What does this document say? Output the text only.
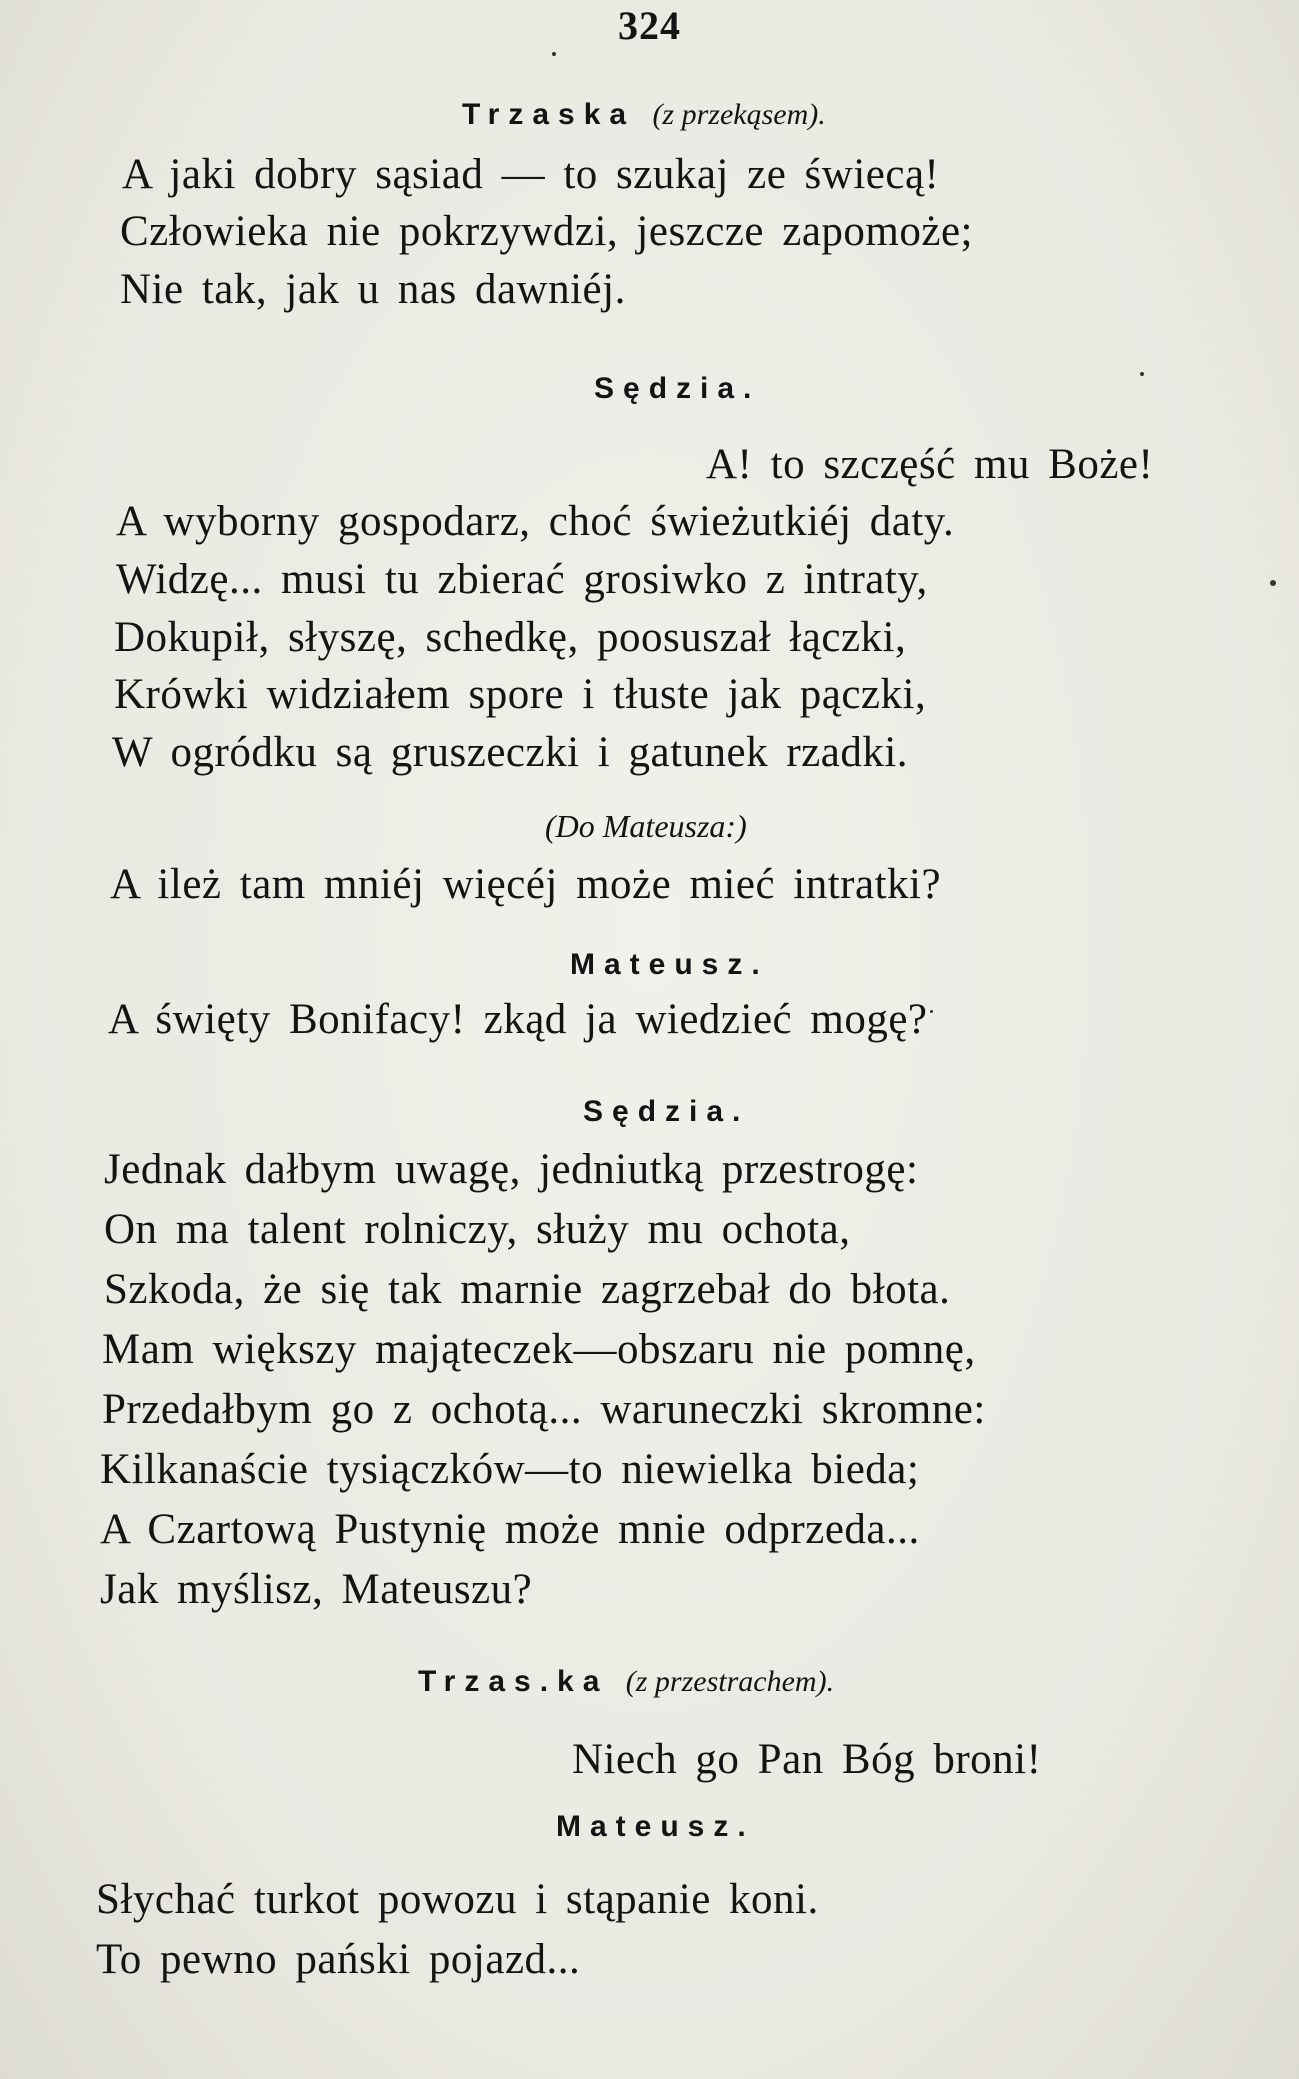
324
Trzaska (z przekąsem).
A jaki dobry sąsiad — to szukaj ze świecą!
Człowieka nie pokrzywdzi, jeszcze zapomoże;
Nie tak, jak u nas dawniéj.
Sędzia.
A! to szczęść mu Boże!
A wyborny gospodarz, choć świeżutkiéj daty.
Widzę... musi tu zbierać grosiwko z intraty,
Dokupił, słyszę, schedkę, poosuszał łączki,
Krówki widziałem spore i tłuste jak pączki,
W ogródku są gruszeczki i gatunek rzadki.
(Do Mateusza:)
A ileż tam mniéj więcéj może mieć intratki?
Mateusz.
A święty Bonifacy! zkąd ja wiedzieć mogę?
Sędzia.
Jednak dałbym uwagę, jedniutką przestrogę:
On ma talent rolniczy, służy mu ochota,
Szkoda, że się tak marnie zagrzebał do błota.
Mam większy mająteczek—obszaru nie pomnę,
Przedałbym go z ochotą... waruneczki skromne:
Kilkanaście tysiączków—to niewielka bieda;
A Czartową Pustynię może mnie odprzeda...
Jak myślisz, Mateuszu?
Trzas.ka (z przestrachem).
Niech go Pan Bóg broni!
Mateusz.
Słychać turkot powozu i stąpanie koni.
To pewno pański pojazd...
